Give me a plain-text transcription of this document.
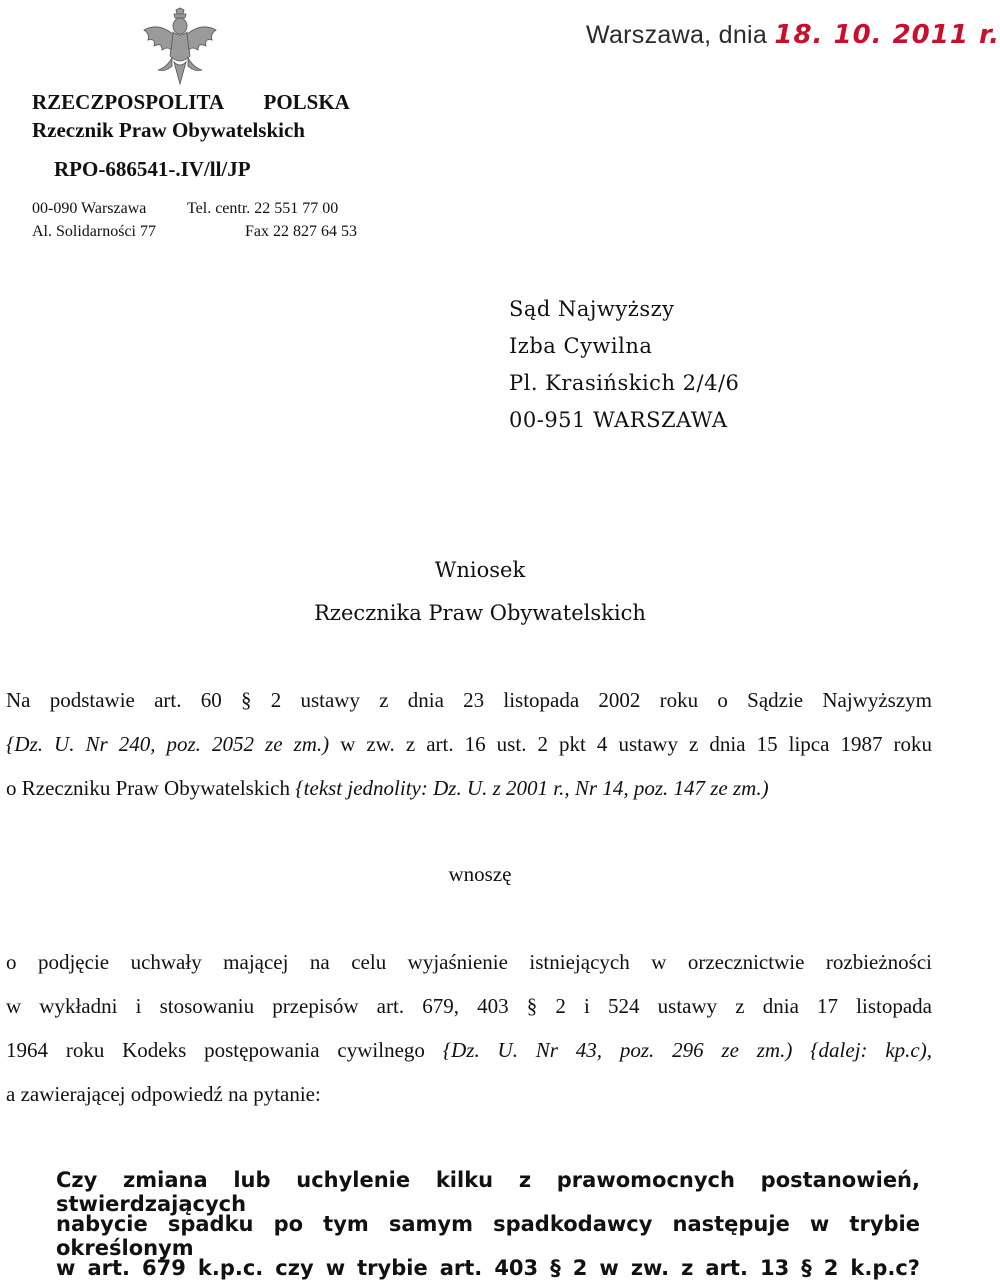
Warszawa, dnia 18. 10. 2011 r.
RZECZPOSPOLITA POLSKA
Rzecznik Praw Obywatelskich
RPO-686541-.IV/ll/JP
00-090 Warszawa	Tel. centr. 22 551 77 00
Al. Solidarności 77	Fax 22 827 64 53
Sąd Najwyższy
Izba Cywilna
Pl. Krasińskich 2/4/6
00-951 WARSZAWA
Wniosek
Rzecznika Praw Obywatelskich
Na podstawie art. 60 § 2 ustawy z dnia 23 listopada 2002 roku o Sądzie Najwyższym
{Dz. U. Nr 240, poz. 2052 ze zm.) w zw. z art. 16 ust. 2 pkt 4 ustawy z dnia 15 lipca 1987 roku
o Rzeczniku Praw Obywatelskich {tekst jednolity: Dz. U. z 2001 r., Nr 14, poz. 147 ze zm.)
wnoszę
o podjęcie uchwały mającej na celu wyjaśnienie istniejących w orzecznictwie rozbieżności
w wykładni i stosowaniu przepisów art. 679, 403 § 2 i 524 ustawy z dnia 17 listopada
1964 roku Kodeks postępowania cywilnego {Dz. U. Nr 43, poz. 296 ze zm.) {dalej: kp.c),
a zawierającej odpowiedź na pytanie:
Czy zmiana lub uchylenie kilku z prawomocnych postanowień, stwierdzających
nabycie spadku po tym samym spadkodawcy następuje w trybie określonym
w art. 679 k.p.c. czy w trybie art. 403 § 2 w zw. z art. 13 § 2 k.p.c?
